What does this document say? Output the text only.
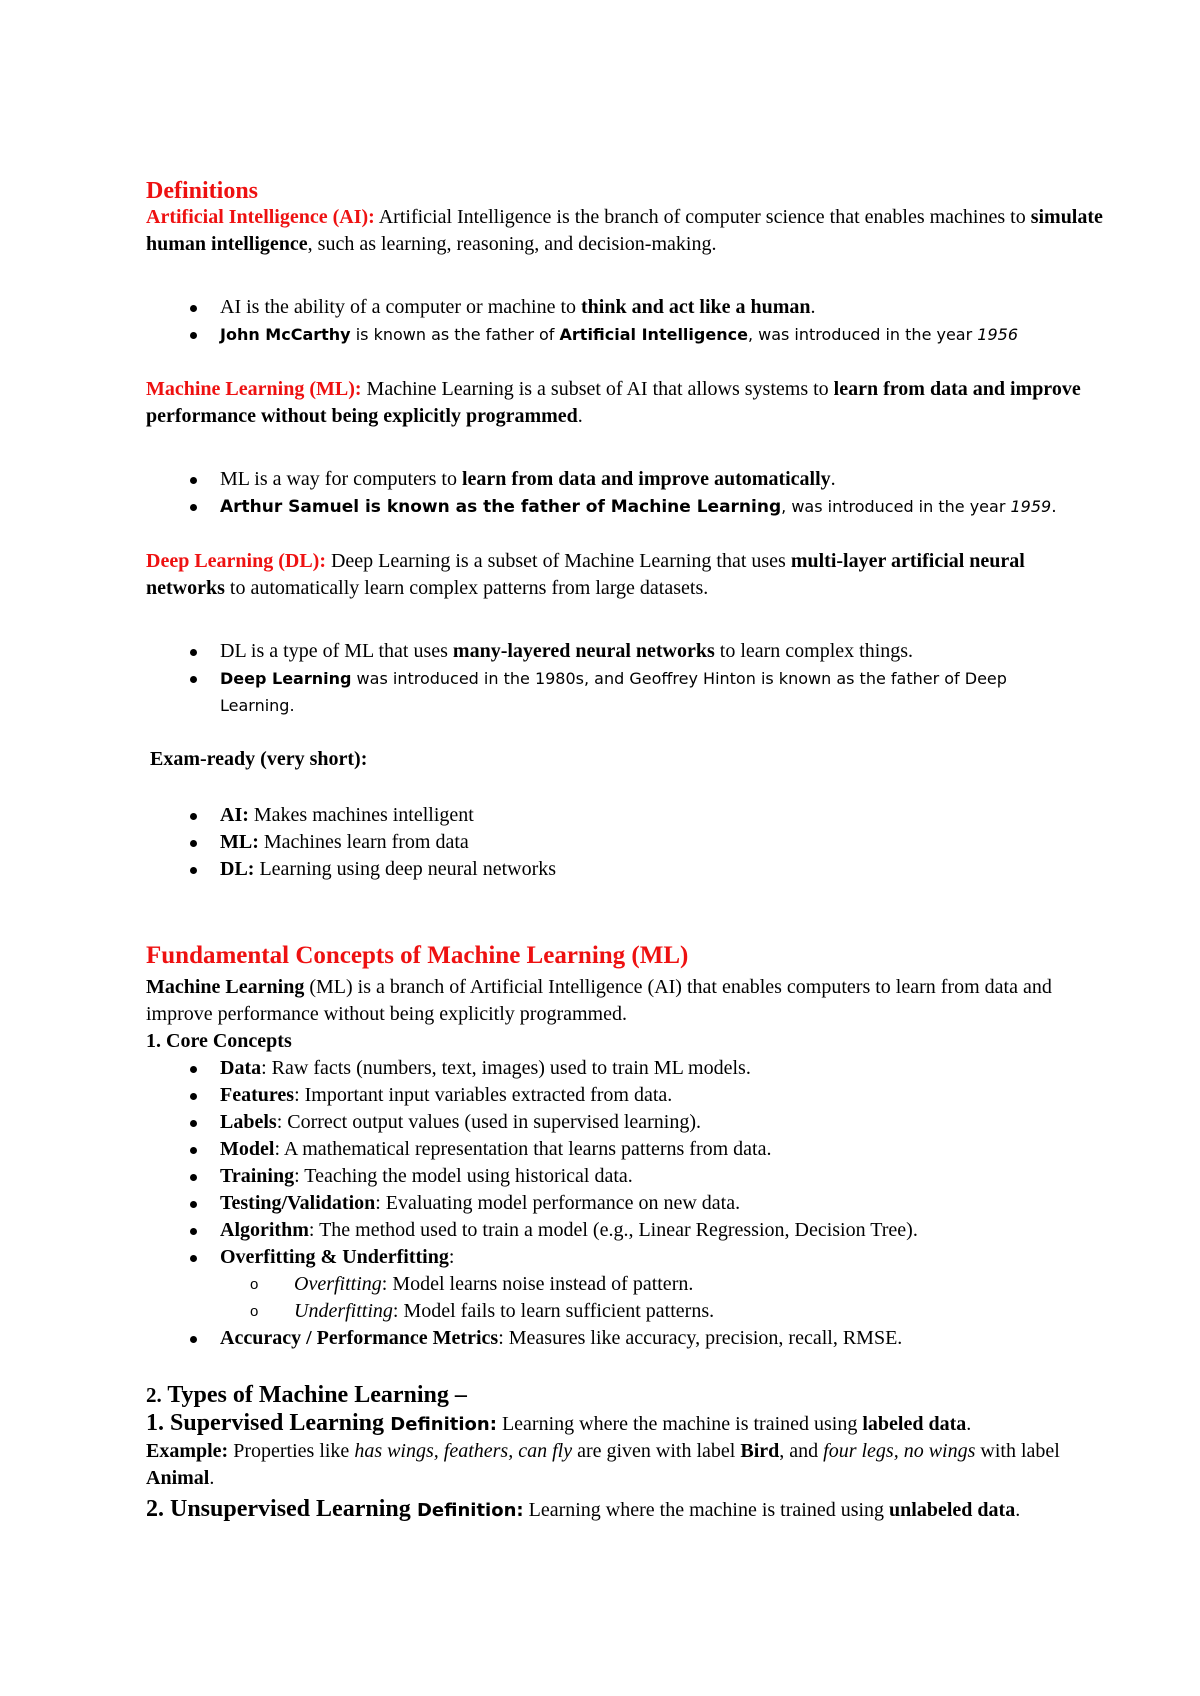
Definitions
Artificial Intelligence (AI): Artificial Intelligence is the branch of computer science that enables machines to simulate human intelligence, such as learning, reasoning, and decision-making.
AI is the ability of a computer or machine to think and act like a human.
John McCarthy is known as the father of Artificial Intelligence, was introduced in the year 1956
Machine Learning (ML): Machine Learning is a subset of AI that allows systems to learn from data and improve performance without being explicitly programmed.
ML is a way for computers to learn from data and improve automatically.
Arthur Samuel is known as the father of Machine Learning, was introduced in the year 1959.
Deep Learning (DL): Deep Learning is a subset of Machine Learning that uses multi-layer artificial neural networks to automatically learn complex patterns from large datasets.
DL is a type of ML that uses many-layered neural networks to learn complex things.
Deep Learning was introduced in the 1980s, and Geoffrey Hinton is known as the father of Deep Learning.
Exam-ready (very short):
AI: Makes machines intelligent
ML: Machines learn from data
DL: Learning using deep neural networks
Fundamental Concepts of Machine Learning (ML)
Machine Learning (ML) is a branch of Artificial Intelligence (AI) that enables computers to learn from data and improve performance without being explicitly programmed.
1. Core Concepts
Data: Raw facts (numbers, text, images) used to train ML models.
Features: Important input variables extracted from data.
Labels: Correct output values (used in supervised learning).
Model: A mathematical representation that learns patterns from data.
Training: Teaching the model using historical data.
Testing/Validation: Evaluating model performance on new data.
Algorithm: The method used to train a model (e.g., Linear Regression, Decision Tree).
Overfitting & Underfitting:
o Overfitting: Model learns noise instead of pattern.
o Underfitting: Model fails to learn sufficient patterns.
Accuracy / Performance Metrics: Measures like accuracy, precision, recall, RMSE.
2. Types of Machine Learning –
1. Supervised Learning Definition: Learning where the machine is trained using labeled data.
Example: Properties like has wings, feathers, can fly are given with label Bird, and four legs, no wings with label Animal.
2. Unsupervised Learning Definition: Learning where the machine is trained using unlabeled data.
